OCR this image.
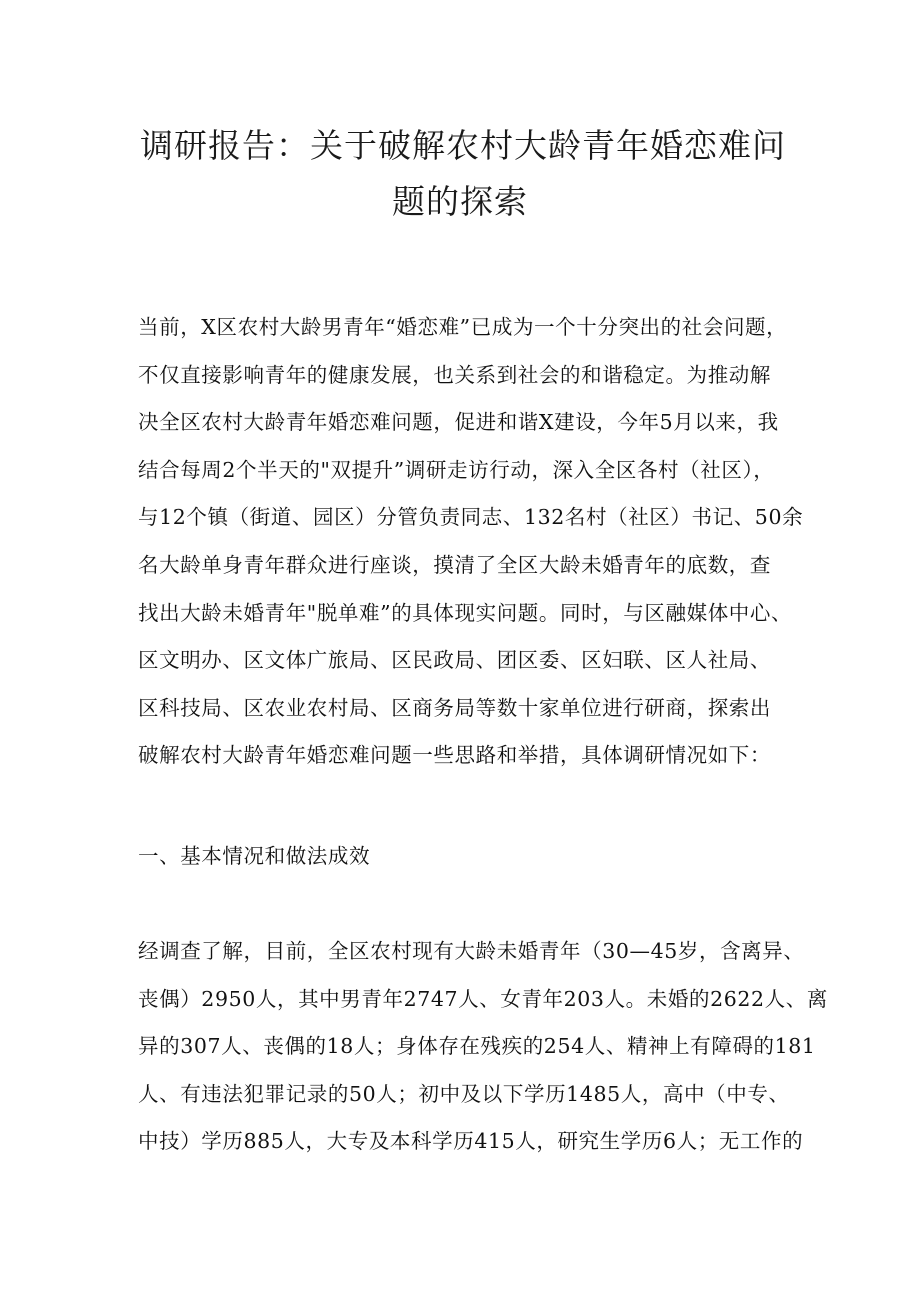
调研报告：关于破解农村大龄青年婚恋难问
题的探索
当前，X区农村大龄男青年“婚恋难”已成为一个十分突出的社会问题，
不仅直接影响青年的健康发展，也关系到社会的和谐稳定。为推动解
决全区农村大龄青年婚恋难问题，促进和谐X建设，今年5月以来，我
结合每周2个半天的"双提升”调研走访行动，深入全区各村（社区），
与12个镇（街道、园区）分管负责同志、132名村（社区）书记、50余
名大龄单身青年群众进行座谈，摸清了全区大龄未婚青年的底数，查
找出大龄未婚青年"脱单难”的具体现实问题。同时，与区融媒体中心、
区文明办、区文体广旅局、区民政局、团区委、区妇联、区人社局、
区科技局、区农业农村局、区商务局等数十家单位进行研商，探索出
破解农村大龄青年婚恋难问题一些思路和举措，具体调研情况如下：
一、基本情况和做法成效
经调查了解，目前，全区农村现有大龄未婚青年（30—45岁，含离异、
丧偶）2950人，其中男青年2747人、女青年203人。未婚的2622人、离
异的307人、丧偶的18人；身体存在残疾的254人、精神上有障碍的181
人、有违法犯罪记录的50人；初中及以下学历1485人，高中（中专、
中技）学历885人，大专及本科学历415人，研究生学历6人；无工作的
